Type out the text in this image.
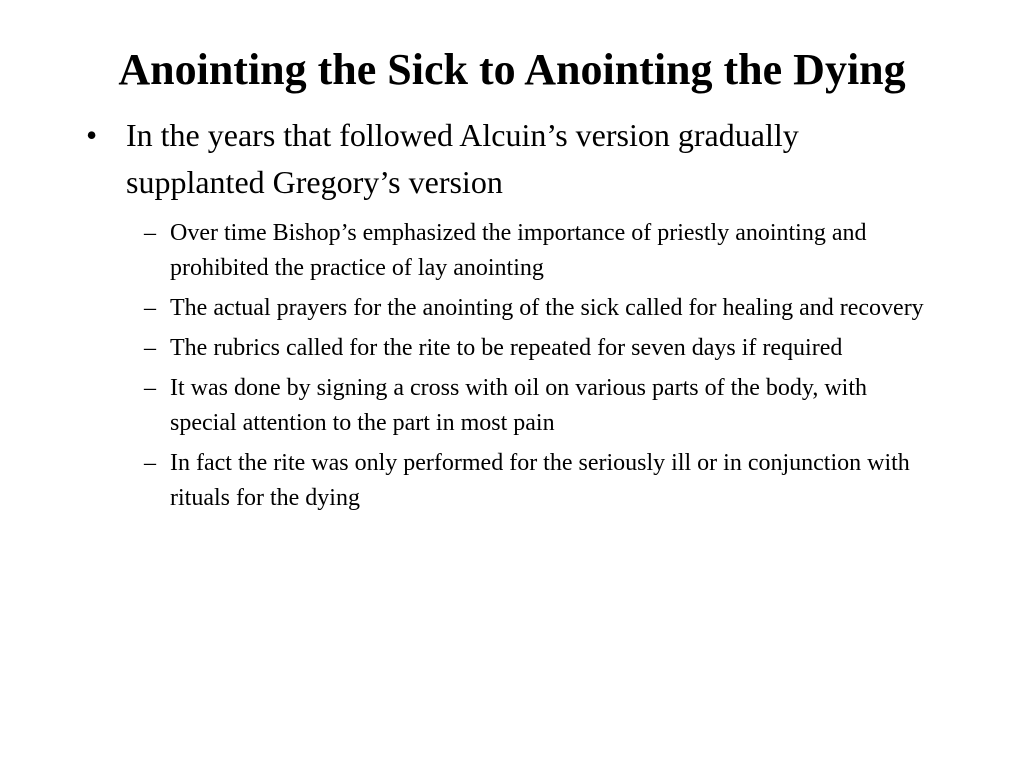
Anointing the Sick to Anointing the Dying
• In the years that followed Alcuin’s version gradually supplanted Gregory’s version
– Over time Bishop’s emphasized the importance of priestly anointing and prohibited the practice of lay anointing
– The actual prayers for the anointing of the sick called for healing and recovery
– The rubrics called for the rite to be repeated for seven days if required
– It was done by signing a cross with oil on various parts of the body, with special attention to the part in most pain
– In fact the rite was only performed for the seriously ill or in conjunction with rituals for the dying
